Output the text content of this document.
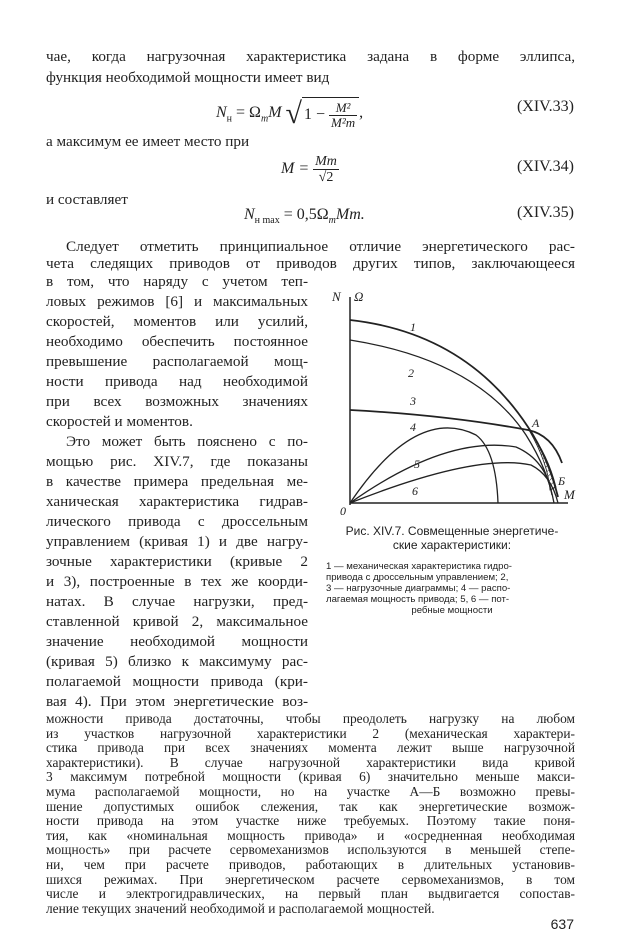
чае, когда нагрузочная характеристика задана в форме эллипса,
функция необходимой мощности имеет вид
$N_н = \Omega_mM$ √ $1 - \frac{\text{M²}}{\text{M²m}}$ ,	(XIV.33)
а максимум ее имеет место при
$M = \frac{Mm}{√2}$	(XIV.34)
и составляет
$N_{н max} = 0,5\Omega_mMm$.	(XIV.35)
Следует отметить принципиальное отличие энергетического рас-
чета следящих приводов от приводов других типов, заключающееся
в том, что наряду с учетом теп-
ловых режимов [6] и максимальных
скоростей, моментов или усилий,
необходимо обеспечить постоянное
превышение располагаемой мощ-
ности привода над необходимой
при всех возможных значениях
скоростей и моментов.
Это может быть пояснено с по-
мощью рис. XIV.7, где показаны
в качестве примера предельная ме-
ханическая характеристика гидрав-
лического привода с дроссельным
управлением (кривая 1) и две нагру-
зочные характеристики (кривые 2
и 3), построенные в тех же коорди-
натах. В случае нагрузки, пред-
ставленной кривой 2, максимальное
значение необходимой мощности
(кривая 5) близко к максимуму рас-
полагаемой мощности привода (кри-
вая 4). При этом энергетические воз-
N Ω
M
0
1
2
3
4
5
6
А
Б
Рис. XIV.7. Совмещенные энергетиче-
ские характеристики:
1 — механическая характеристика гидро-
привода с дроссельным управлением; 2,
3 — нагрузочные диаграммы; 4 — распо-
лагаемая мощность привода; 5, 6 — пот-
ребные мощности
637
можности привода достаточны, чтобы преодолеть нагрузку на любом
из участков нагрузочной характеристики 2 (механическая характери-
стика привода при всех значениях момента лежит выше нагрузочной
характеристики). В случае нагрузочной характеристики вида кривой
3 максимум потребной мощности (кривая 6) значительно меньше макси-
мума располагаемой мощности, но на участке А—Б возможно превы-
шение допустимых ошибок слежения, так как энергетические возмож-
ности привода на этом участке ниже требуемых. Поэтому такие поня-
тия, как «номинальная мощность привода» и «осредненная необходимая
мощность» при расчете сервомеханизмов используются в меньшей степе-
ни, чем при расчете приводов, работающих в длительных установив-
шихся режимах. При энергетическом расчете сервомеханизмов, в том
числе и электрогидравлических, на первый план выдвигается сопостав-
ление текущих значений необходимой и располагаемой мощностей.
